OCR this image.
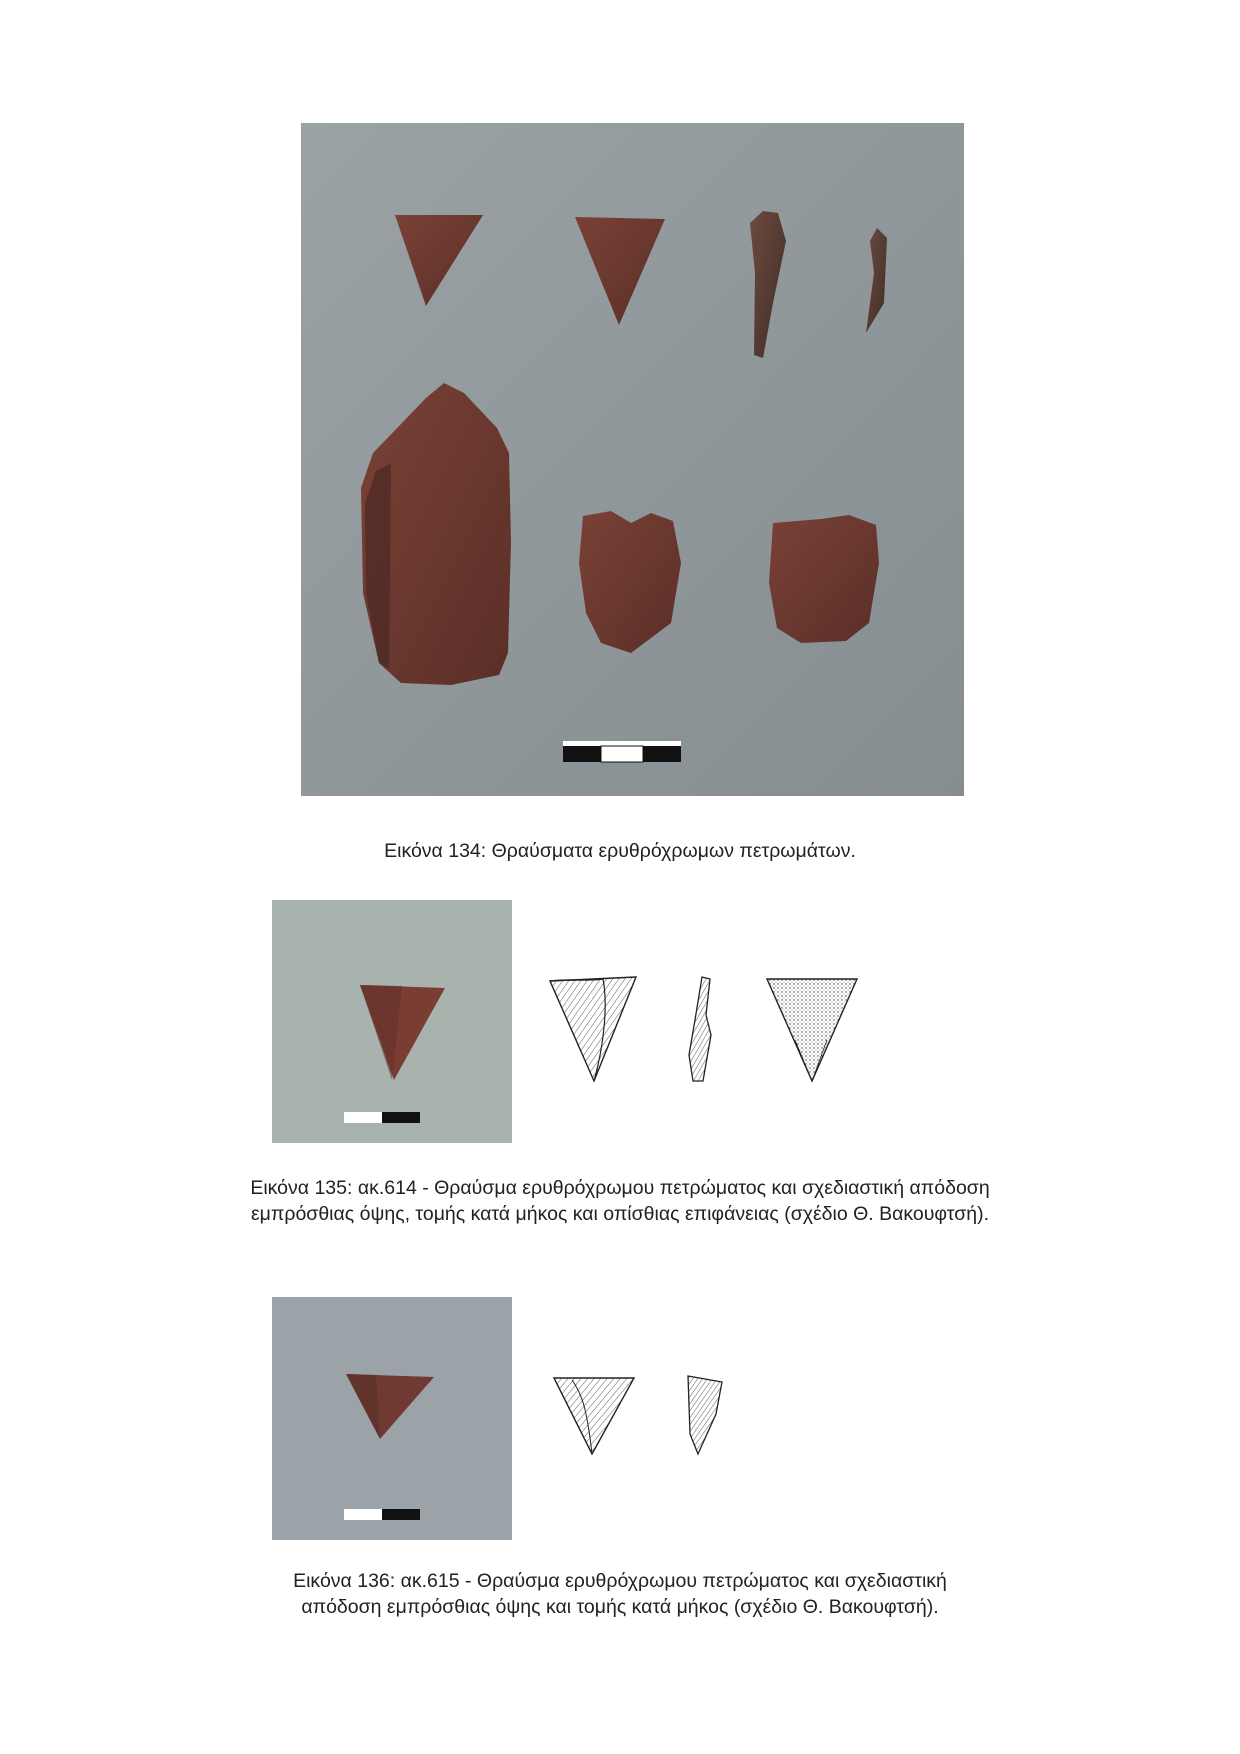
Εικόνα 134: Θραύσματα ερυθρόχρωμων πετρωμάτων.
Εικόνα 135: ακ.614 - Θραύσμα ερυθρόχρωμου πετρώματος και σχεδιαστική απόδοση
εμπρόσθιας όψης, τομής κατά μήκος και οπίσθιας επιφάνειας (σχέδιο Θ. Βακουφτσή).
Εικόνα 136: ακ.615 - Θραύσμα ερυθρόχρωμου πετρώματος και σχεδιαστική
απόδοση εμπρόσθιας όψης και τομής κατά μήκος (σχέδιο Θ. Βακουφτσή).
